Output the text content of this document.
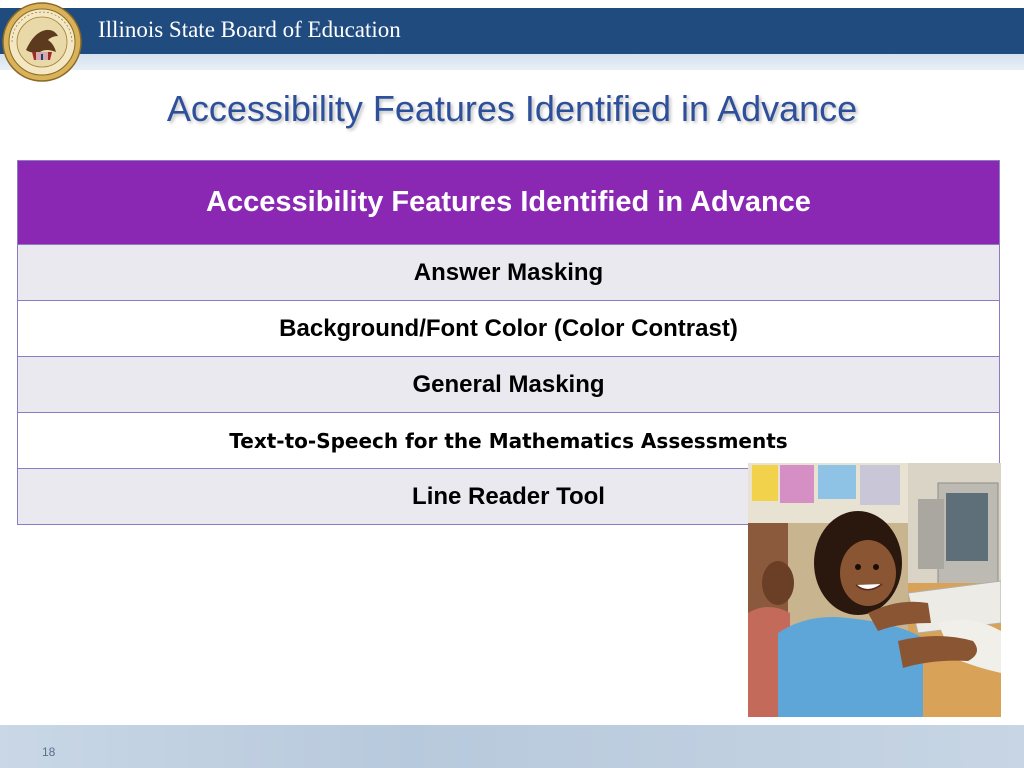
Illinois State Board of Education
Accessibility Features Identified in Advance
Accessibility Features Identified in Advance
Answer Masking
Background/Font Color (Color Contrast)
General Masking
Text-to-Speech for the Mathematics Assessments
Line Reader Tool
18
